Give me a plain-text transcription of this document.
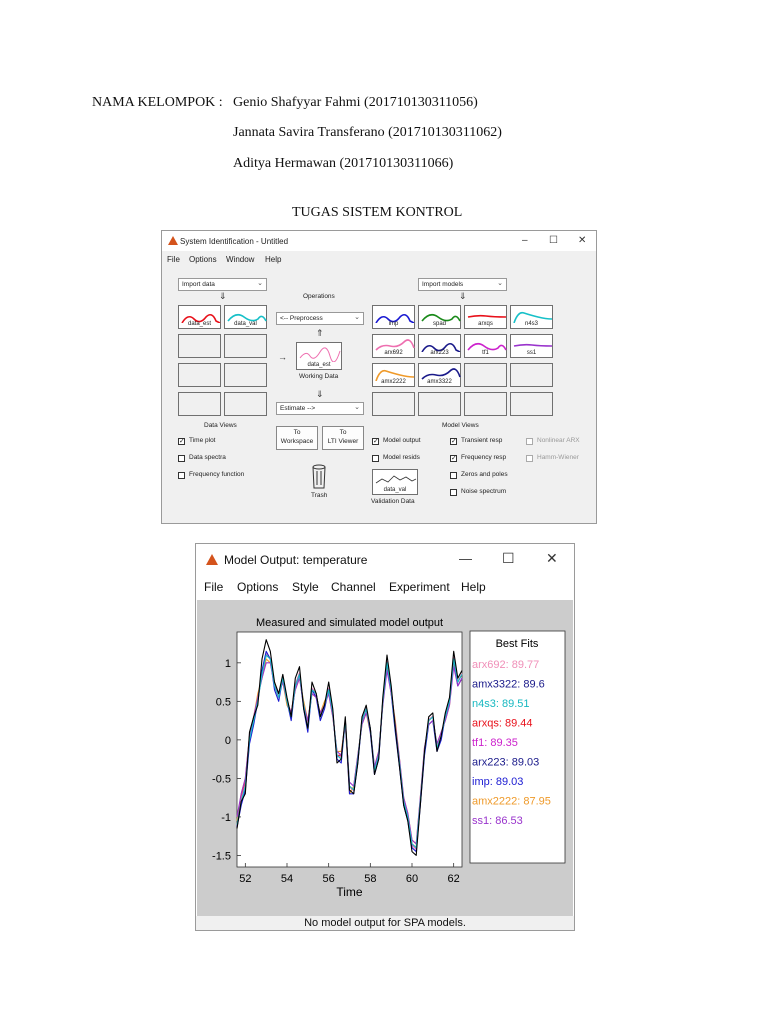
NAMA KELOMPOK : Genio Shafyyar Fahmi (201710130311056)
Jannata Savira Transferano (201710130311062)
Aditya Hermawan (201710130311066)
TUGAS SISTEM KONTROL
System Identification - Untitled	– ☐ ✕
File Options Window Help
Import data	⌄
⇓
Import models	⌄
⇓
data_est	data_val
Operations
<-- Preprocess	⌄
⇑
→
data_est
Working Data
⇓
Estimate -->	⌄
imp	spad	arxqs	n4s3
arx692	arx223	tf1	ss1
amx2222	amx3322
Data Views
✓ Time plot
Data spectra
Frequency function
To
Workspace
To
LTI Viewer
Trash
data_val
Validation Data
Model Views
✓ Model output
Model resids
✓ Transient resp
✓ Frequency resp
Zeros and poles
Noise spectrum
Nonlinear ARX
Hamm-Wiener
Model Output: temperature	— ☐ ✕
File Options Style Channel Experiment Help
Measured and simulated model output
Time
52	54	56	58	60	62
-1.5
-1
-0.5
0
0.5
1
Best Fits
arx692: 89.77
amx3322: 89.6
n4s3: 89.51
arxqs: 89.44
tf1: 89.35
arx223: 89.03
imp: 89.03
amx2222: 87.95
ss1: 86.53
No model output for SPA models.
